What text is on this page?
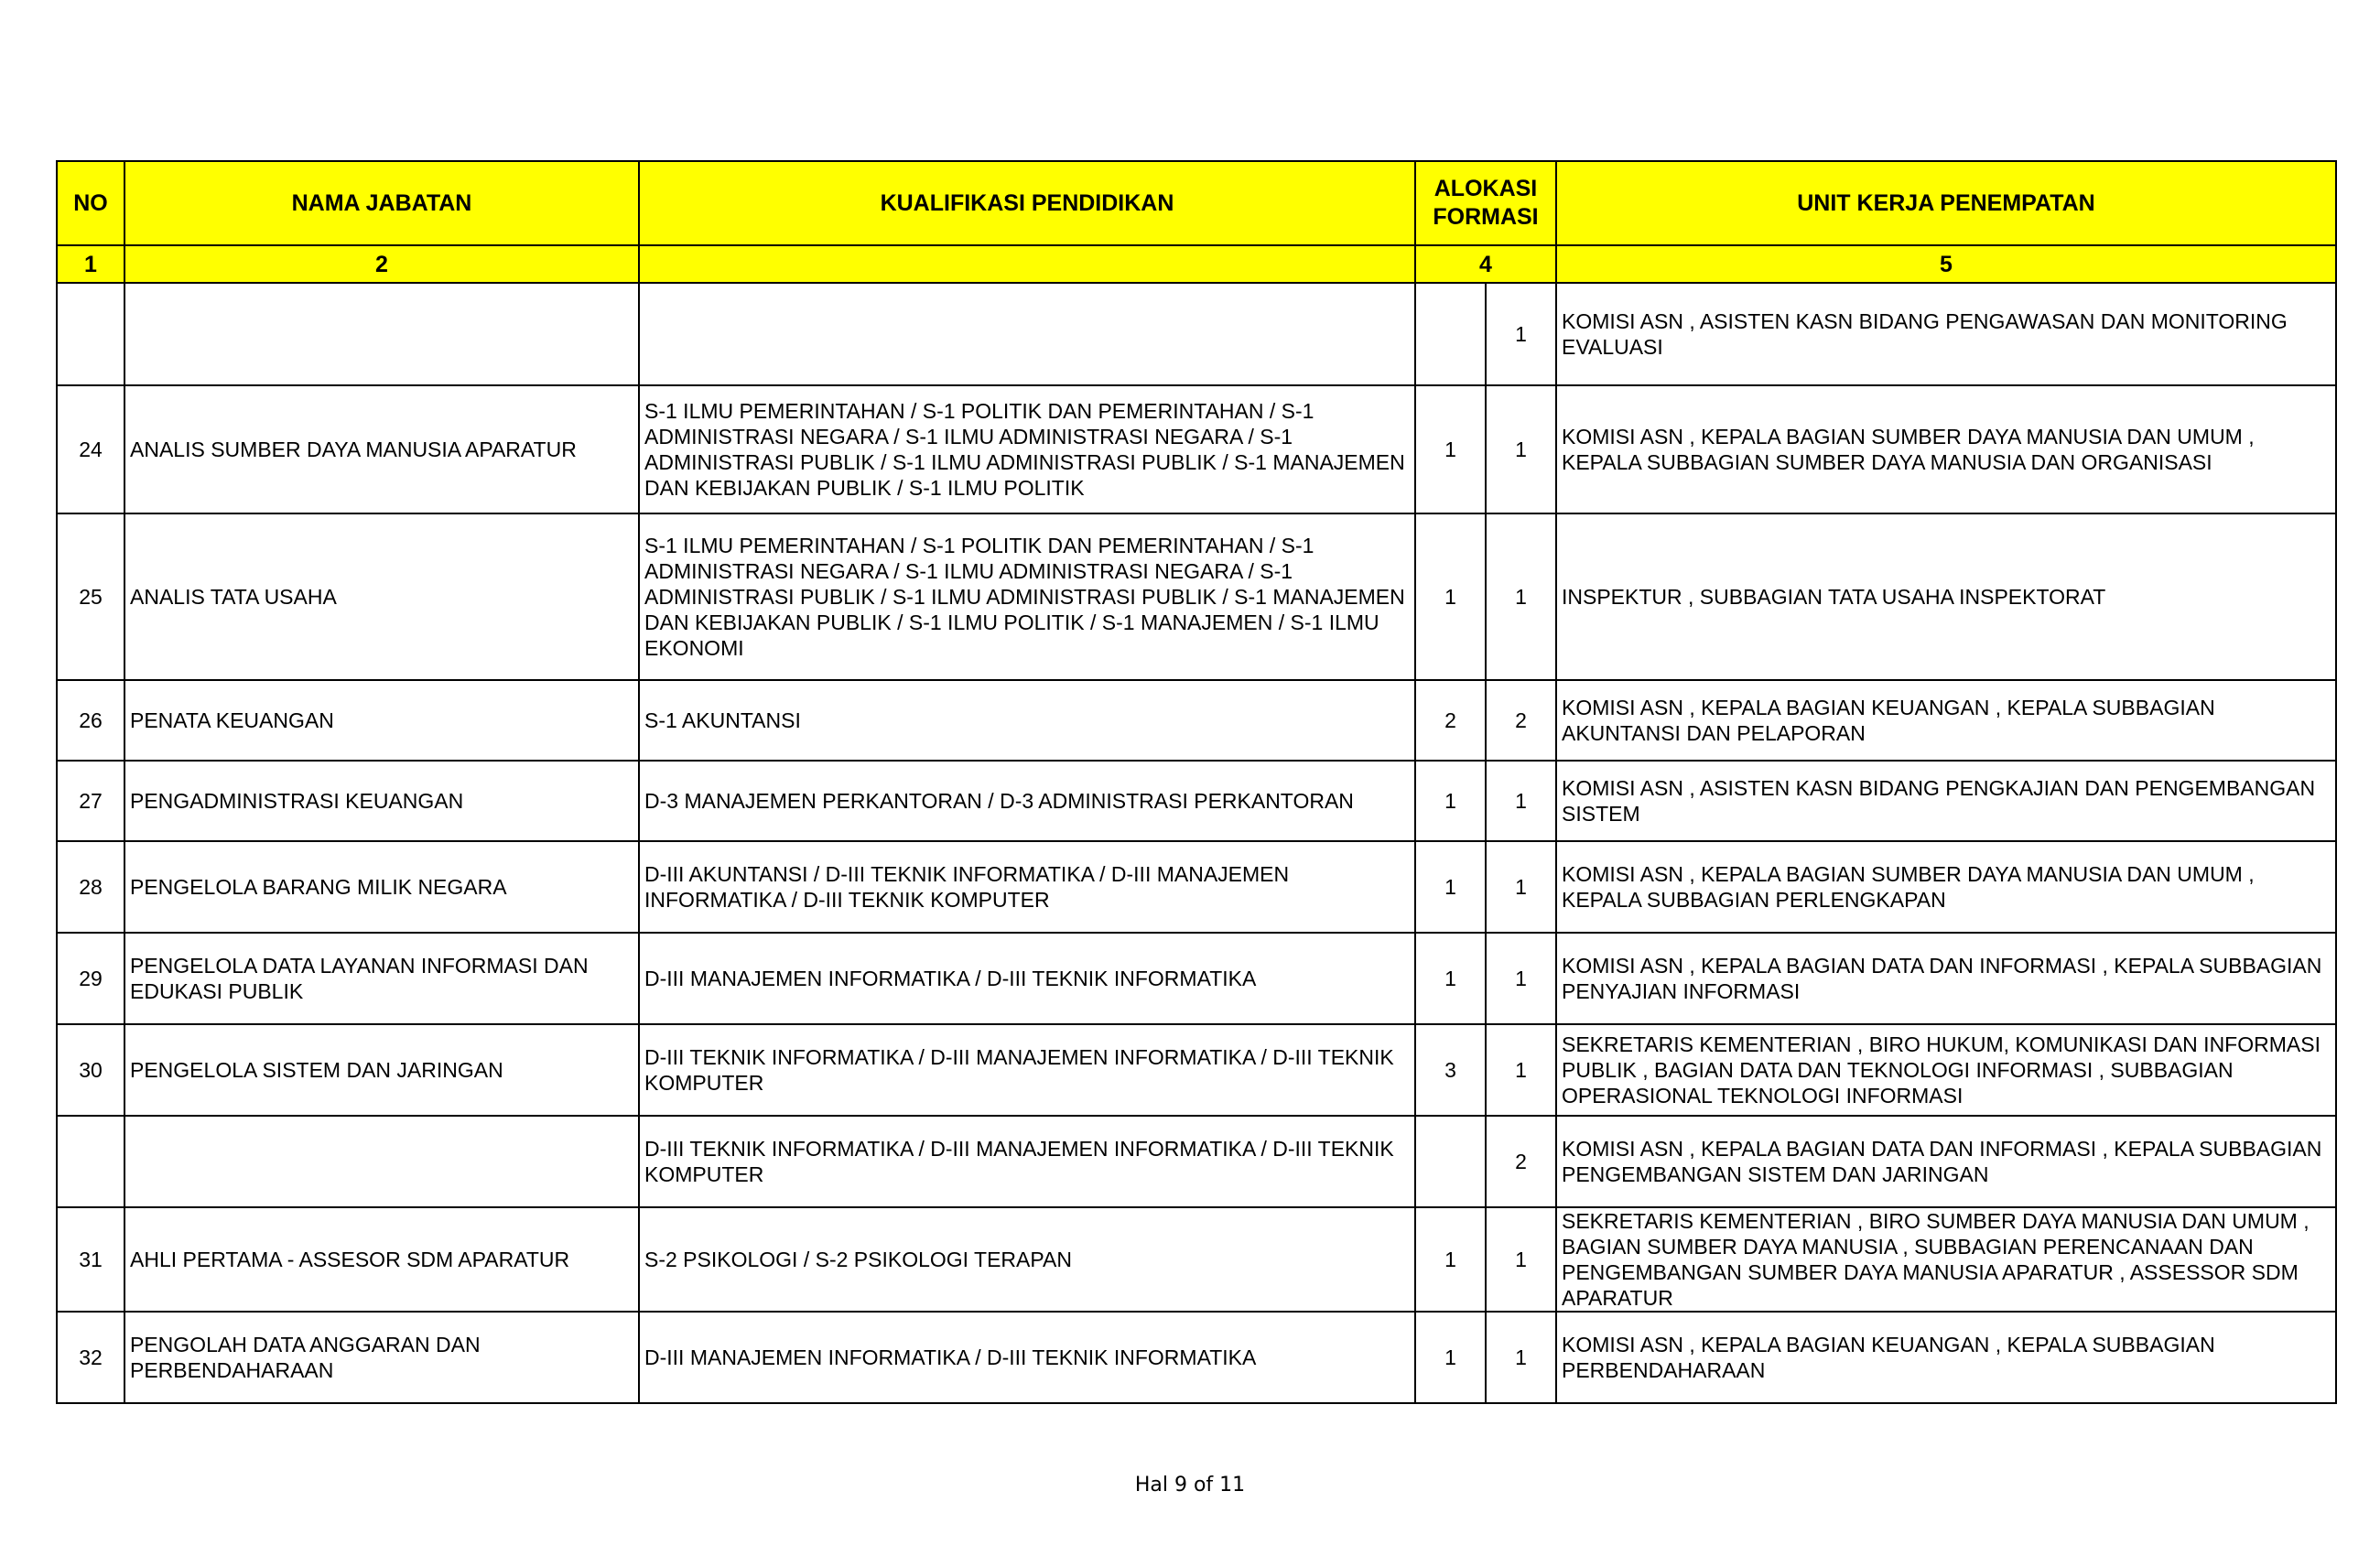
NO	NAMA JABATAN	KUALIFIKASI PENDIDIKAN	ALOKASI FORMASI		UNIT KERJA PENEMPATAN
1	2		4		5
				1	KOMISI ASN , ASISTEN KASN BIDANG PENGAWASAN DAN MONITORING EVALUASI
24	ANALIS SUMBER DAYA MANUSIA APARATUR	S-1 ILMU PEMERINTAHAN / S-1 POLITIK DAN PEMERINTAHAN / S-1 ADMINISTRASI NEGARA / S-1 ILMU ADMINISTRASI NEGARA / S-1 ADMINISTRASI PUBLIK / S-1 ILMU ADMINISTRASI PUBLIK / S-1 MANAJEMEN DAN KEBIJAKAN PUBLIK / S-1 ILMU POLITIK	1	1	KOMISI ASN , KEPALA BAGIAN SUMBER DAYA MANUSIA DAN UMUM , KEPALA SUBBAGIAN SUMBER DAYA MANUSIA DAN ORGANISASI
25	ANALIS TATA USAHA	S-1 ILMU PEMERINTAHAN / S-1 POLITIK DAN PEMERINTAHAN / S-1 ADMINISTRASI NEGARA / S-1 ILMU ADMINISTRASI NEGARA / S-1 ADMINISTRASI PUBLIK / S-1 ILMU ADMINISTRASI PUBLIK / S-1 MANAJEMEN DAN KEBIJAKAN PUBLIK / S-1 ILMU POLITIK / S-1 MANAJEMEN / S-1 ILMU EKONOMI	1	1	INSPEKTUR , SUBBAGIAN TATA USAHA INSPEKTORAT
26	PENATA KEUANGAN	S-1 AKUNTANSI	2	2	KOMISI ASN , KEPALA BAGIAN KEUANGAN , KEPALA SUBBAGIAN AKUNTANSI DAN PELAPORAN
27	PENGADMINISTRASI KEUANGAN	D-3 MANAJEMEN PERKANTORAN / D-3 ADMINISTRASI PERKANTORAN	1	1	KOMISI ASN , ASISTEN KASN BIDANG PENGKAJIAN DAN PENGEMBANGAN SISTEM
28	PENGELOLA BARANG MILIK NEGARA	D-III AKUNTANSI / D-III TEKNIK INFORMATIKA / D-III MANAJEMEN INFORMATIKA / D-III TEKNIK KOMPUTER	1	1	KOMISI ASN , KEPALA BAGIAN SUMBER DAYA MANUSIA DAN UMUM , KEPALA SUBBAGIAN PERLENGKAPAN
29	PENGELOLA DATA LAYANAN INFORMASI DAN EDUKASI PUBLIK	D-III MANAJEMEN INFORMATIKA / D-III TEKNIK INFORMATIKA	1	1	KOMISI ASN , KEPALA BAGIAN DATA DAN INFORMASI , KEPALA SUBBAGIAN PENYAJIAN INFORMASI
30	PENGELOLA SISTEM DAN JARINGAN	D-III TEKNIK INFORMATIKA / D-III MANAJEMEN INFORMATIKA / D-III TEKNIK KOMPUTER	3	1	SEKRETARIS KEMENTERIAN , BIRO HUKUM, KOMUNIKASI DAN INFORMASI PUBLIK , BAGIAN DATA DAN TEKNOLOGI INFORMASI , SUBBAGIAN OPERASIONAL TEKNOLOGI INFORMASI
		D-III TEKNIK INFORMATIKA / D-III MANAJEMEN INFORMATIKA / D-III TEKNIK KOMPUTER		2	KOMISI ASN , KEPALA BAGIAN DATA DAN INFORMASI , KEPALA SUBBAGIAN PENGEMBANGAN SISTEM DAN JARINGAN
31	AHLI PERTAMA - ASSESOR SDM APARATUR	S-2 PSIKOLOGI / S-2 PSIKOLOGI TERAPAN	1	1	SEKRETARIS KEMENTERIAN , BIRO SUMBER DAYA MANUSIA DAN UMUM , BAGIAN SUMBER DAYA MANUSIA , SUBBAGIAN PERENCANAAN DAN PENGEMBANGAN SUMBER DAYA MANUSIA APARATUR , ASSESSOR SDM APARATUR
32	PENGOLAH DATA ANGGARAN DAN PERBENDAHARAAN	D-III MANAJEMEN INFORMATIKA / D-III TEKNIK INFORMATIKA	1	1	KOMISI ASN , KEPALA BAGIAN KEUANGAN , KEPALA SUBBAGIAN PERBENDAHARAAN
Hal 9 of 11
